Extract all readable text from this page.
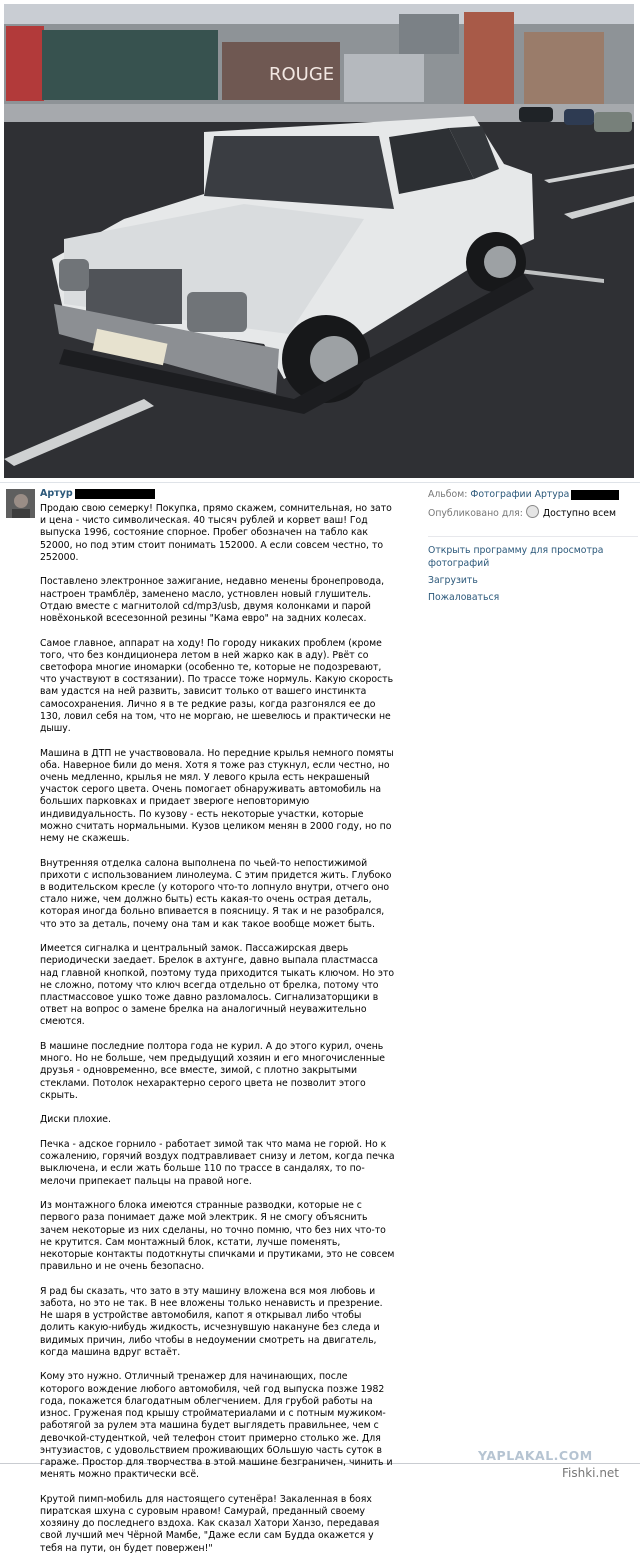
ROUGE
Артур

Продаю свою семерку! Покупка, прямо скажем, сомнительная, но зато и цена - чисто символическая. 40 тысяч рублей и корвет ваш! Год выпуска 1996, состояние спорное. Пробег обозначен на табло как 52000, но под этим стоит понимать 152000. А если совсем честно, то 252000.

Поставлено электронное зажигание, недавно менены бронепровода, настроен трамблёр, заменено масло, устновлен новый глушитель. Отдаю вместе с магнитолой cd/mp3/usb, двумя колонками и парой новёхонькой всесезонной резины "Кама евро" на задних колесах.

Самое главное, аппарат на ходу! По городу никаких проблем (кроме того, что без кондиционера летом в ней жарко как в аду). Рвёт со светофора многие иномарки (особенно те, которые не подозревают, что участвуют в состязании). По трассе тоже нормуль. Какую скорость вам удастся на ней развить, зависит только от вашего инстинкта самосохранения. Лично я в те редкие разы, когда разгонялся ее до 130, ловил себя на том, что не моргаю, не шевелюсь и практически не дышу.

Машина в ДТП не участвововала. Но передние крылья немного помяты оба. Наверное били до меня. Хотя я тоже раз стукнул, если честно, но очень медленно, крылья не мял. У левого крыла есть некрашеный участок серого цвета. Очень помогает обнаруживать автомобиль на больших парковках и придает зверюге неповторимую индивидуальность. По кузову - есть некоторые участки, которые можно считать нормальными. Кузов целиком менян в 2000 году, но по нему не скажешь.

Внутренняя отделка салона выполнена по чьей-то непостижимой прихоти с использованием линолеума. С этим придется жить. Глубоко в водительском кресле (у которого что-то лопнуло внутри, отчего оно стало ниже, чем должно быть) есть какая-то очень острая деталь, которая иногда больно впивается в поясницу. Я так и не разобрался, что это за деталь, почему она там и как такое вообще может быть.

Имеется сигналка и центральный замок. Пассажирская дверь периодически заедает. Брелок в ахтунге, давно выпала пластмасса над главной кнопкой, поэтому туда приходится тыкать ключом. Но это не сложно, потому что ключ всегда отдельно от брелка, потому что пластмассовое ушко тоже давно разломалось. Сигнализаторщики в ответ на вопрос о замене брелка на аналогичный неуважительно смеются.

В машине последние полтора года не курил. А до этого курил, очень много. Но не больше, чем предыдущий хозяин и его многочисленные друзья - одновременно, все вместе, зимой, с плотно закрытыми стеклами. Потолок нехарактерно серого цвета не позволит этого скрыть.

Диски плохие.

Печка - адское горнило - работает зимой так что мама не горюй. Но к сожалению, горячий воздух подтравливает снизу и летом, когда печка выключена, и если жать больше 110 по трассе в сандалях, то по-мелочи припекает пальцы на правой ноге.

Из монтажного блока имеются странные разводки, которые не с первого раза понимает даже мой электрик. Я не смогу объяснить зачем некоторые из них сделаны, но точно помню, что без них что-то не крутится. Сам монтажный блок, кстати, лучше поменять, некоторые контакты подоткнуты спичками и прутиками, это не совсем правильно и не очень безопасно.

Я рад бы сказать, что зато в эту машину вложена вся моя любовь и забота, но это не так. В нее вложены только ненависть и презрение. Не шаря в устройстве автомобиля, капот я открывал либо чтобы долить какую-нибудь жидкость, исчезнувшую накануне без следа и видимых причин, либо чтобы в недоумении смотреть на двигатель, когда машина вдруг встаёт.

Кому это нужно. Отличный тренажер для начинающих, после которого вождение любого автомобиля, чей год выпуска позже 1982 года, покажется благодатным облегчением. Для грубой работы на износ. Груженая под крышу стройматериалами и с потным мужиком-работягой за рулем эта машина будет выглядеть правильнее, чем с девочкой-студенткой, чей телефон стоит примерно столько же. Для энтузиастов, с удовольствием проживающих бОльшую часть суток в гараже. Простор для творчества в этой машине безграничен, чинить и менять можно практически всё.

Крутой пимп-мобиль для настоящего сутенёра! Закаленная в боях пиратская шхуна с суровым нравом! Самурай, преданный своему хозяину до последнего вздоха. Как сказал Хатори Ханзо, передавая свой лучший меч Чёрной Мамбе, "Даже если сам Будда окажется у тебя на пути, он будет повержен!"

Альбом: Фотографии Артура
Опубликовано для: Доступно всем
Открыть программу для просмотра фотографий
Загрузить
Пожаловаться
YAPLAKAL.COM
Fishki.net
